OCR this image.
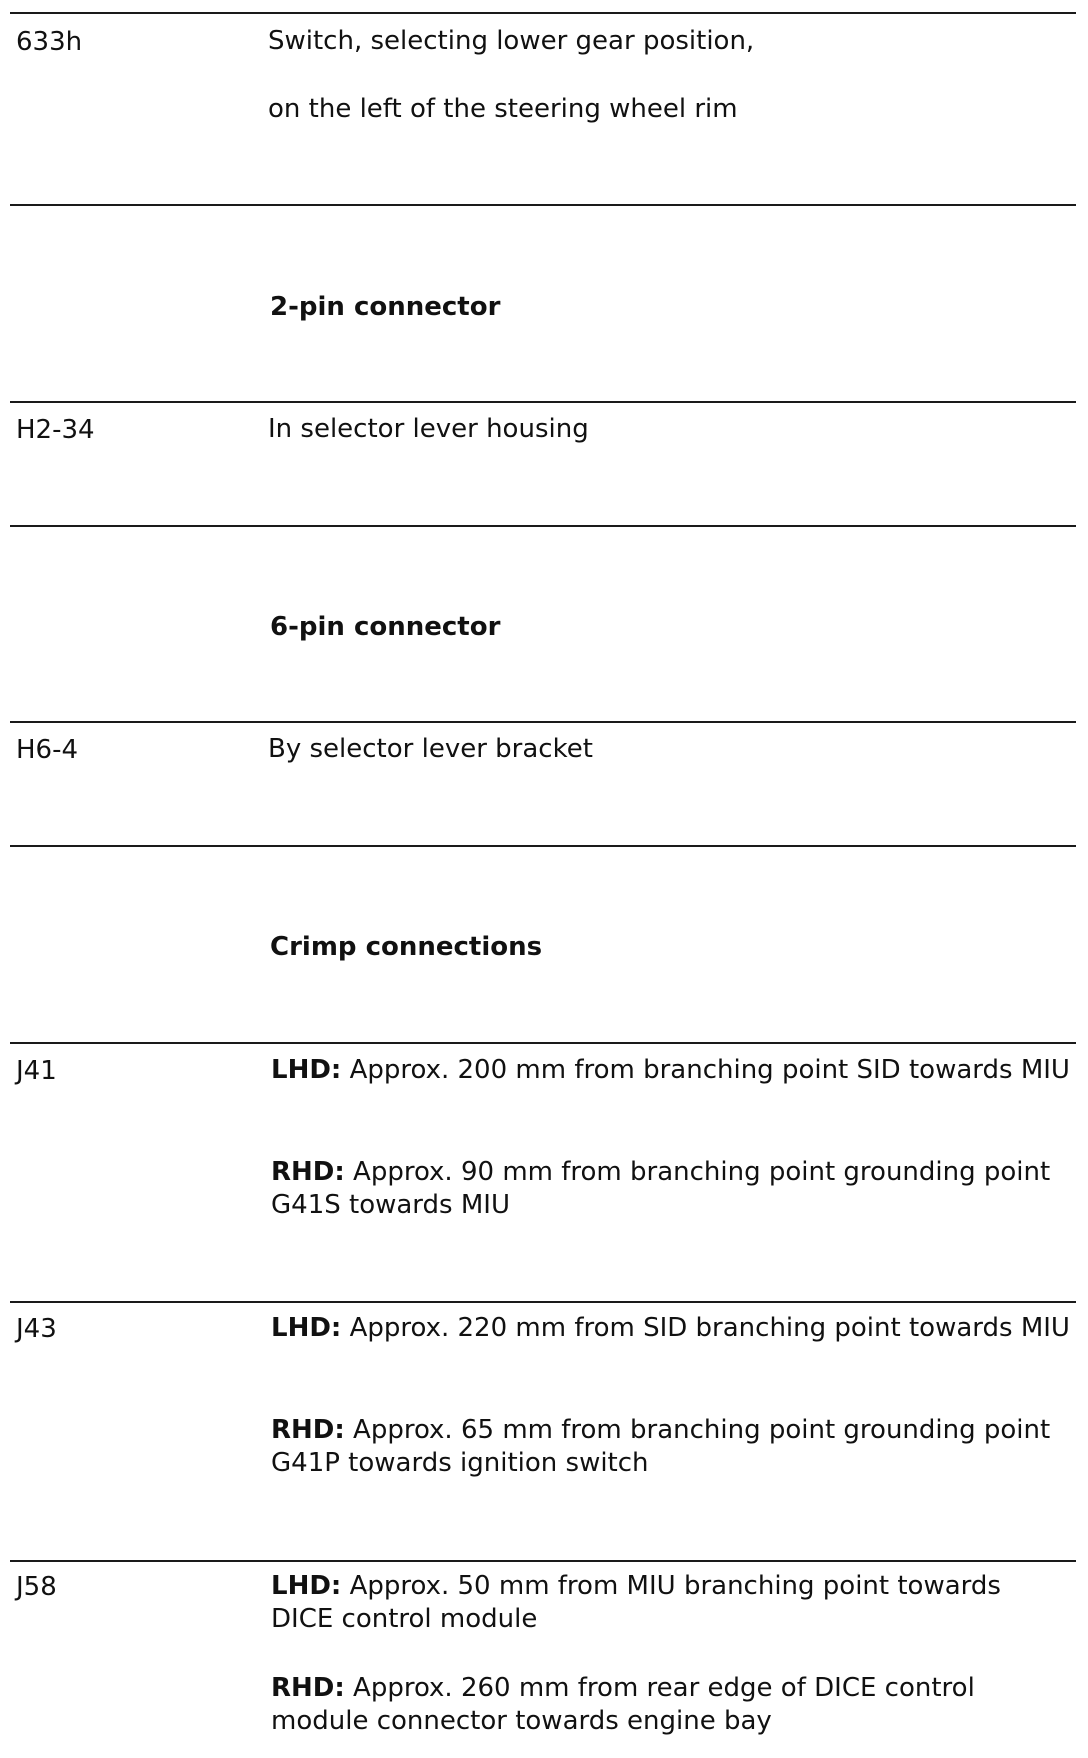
633h	Switch, selecting lower gear position,
on the left of the steering wheel rim
2-pin connector
H2-34	In selector lever housing
6-pin connector
H6-4	By selector lever bracket
Crimp connections
J41	LHD: Approx. 200 mm from branching point SID towards MIU
RHD: Approx. 90 mm from branching point grounding point G41S towards MIU
J43	LHD: Approx. 220 mm from SID branching point towards MIU
RHD: Approx. 65 mm from branching point grounding point G41P towards ignition switch
J58	LHD: Approx. 50 mm from MIU branching point towards DICE control module
RHD: Approx. 260 mm from rear edge of DICE control module connector towards engine bay
